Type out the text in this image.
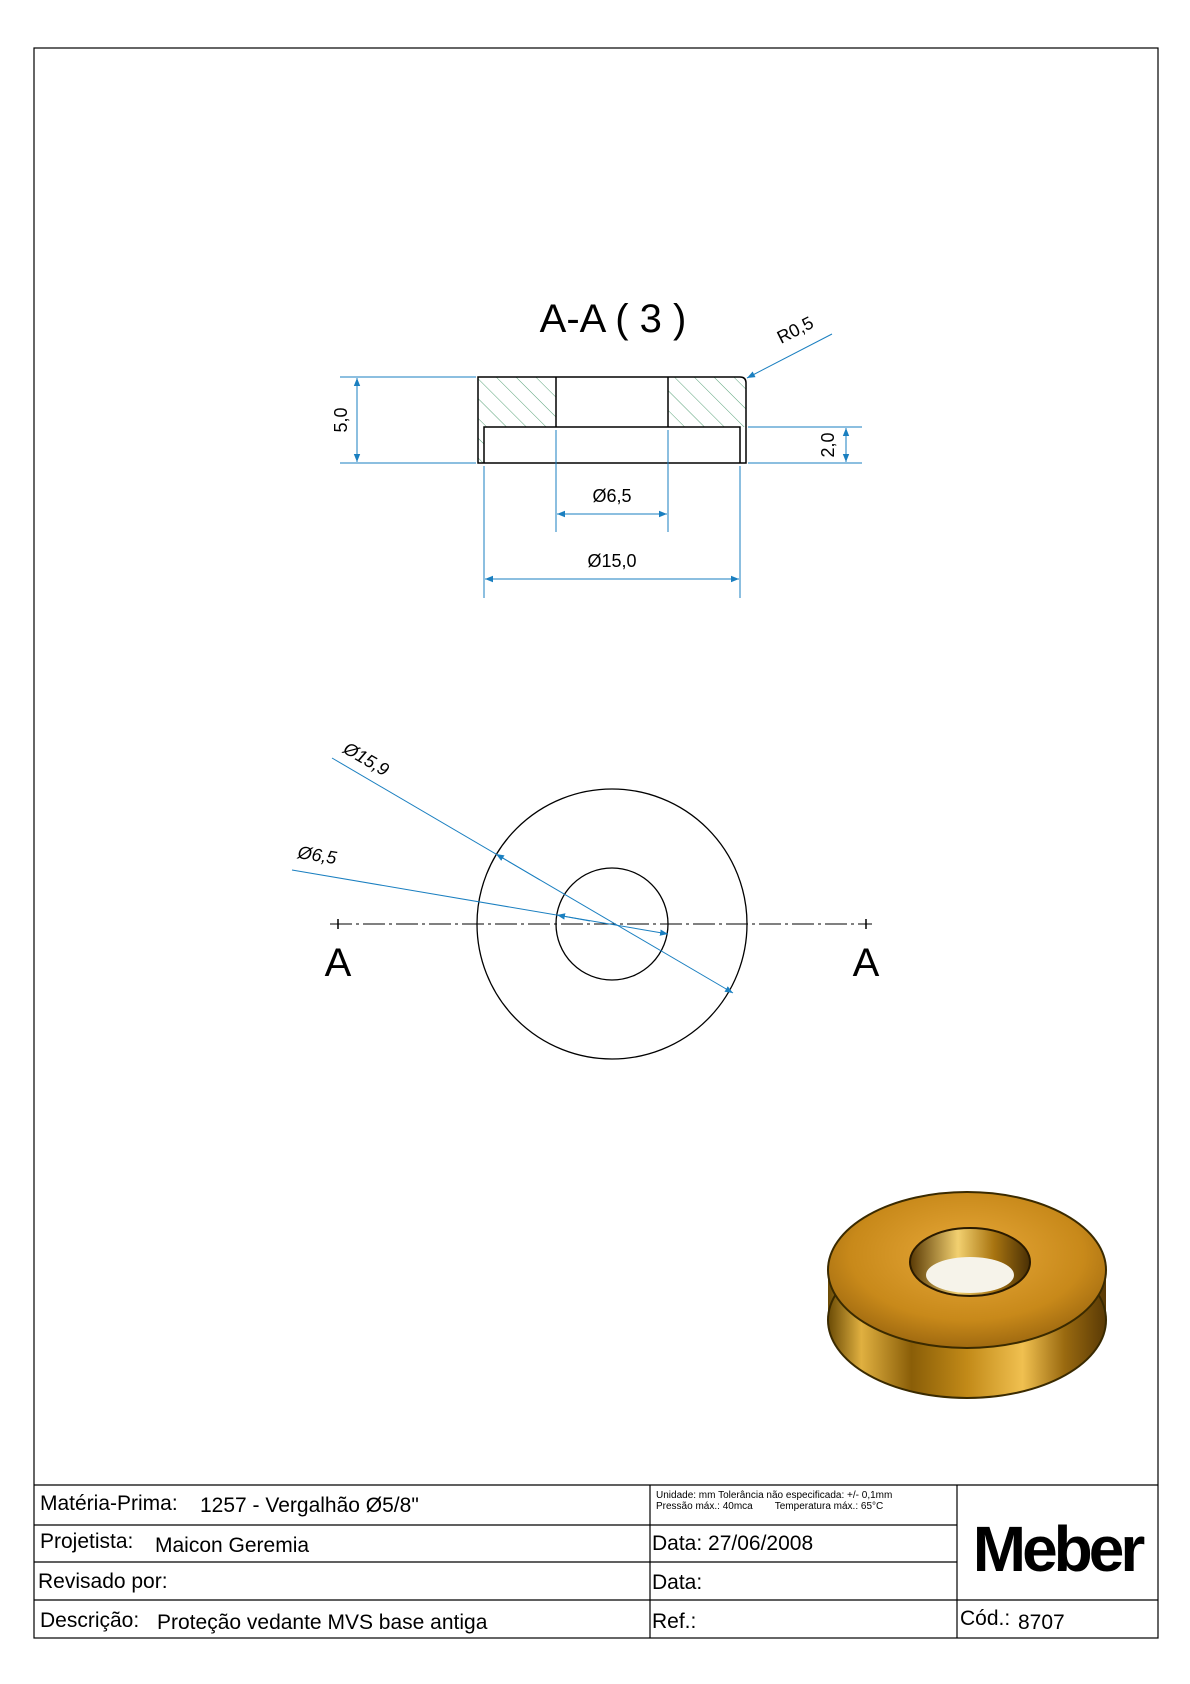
A-A ( 3 )
5,0
2,0
Ø6,5
Ø15,0
R0,5
A	A
Ø15,9
Ø6,5
Matéria-Prima: 1257 - Vergalhão Ø5/8"
Projetista: Maicon Geremia
Revisado por:
Descrição: Proteção vedante MVS base antiga
Unidade: mm Tolerância não especificada: +/- 0,1mm
Pressão máx.: 40mca        Temperatura máx.: 65°C
Data: 27/06/2008
Data:
Ref.:
Meber
Cód.: 8707
